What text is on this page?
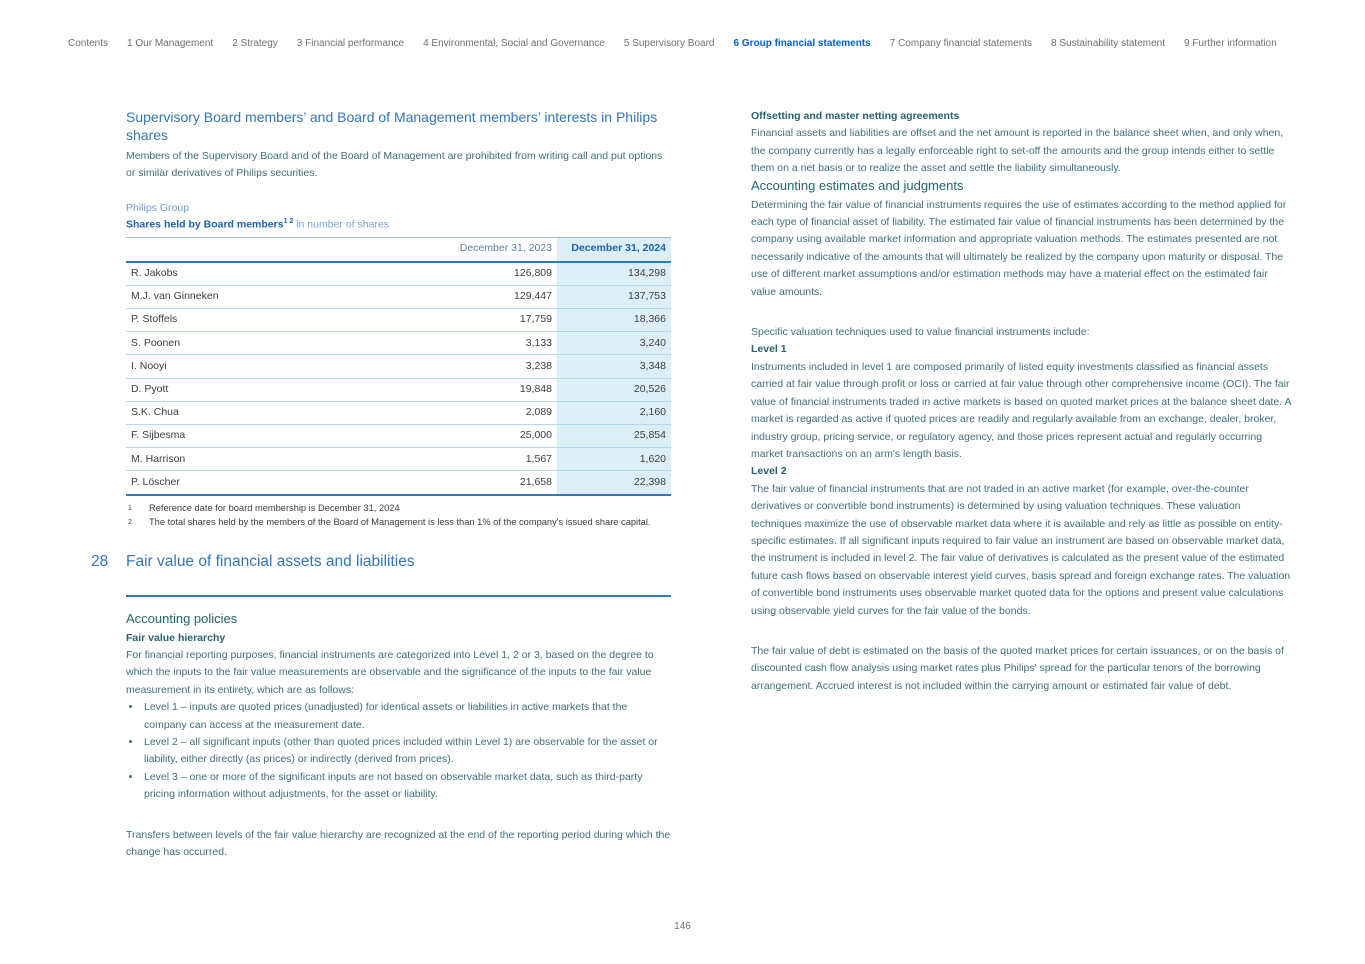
Contents 1 Our Management 2 Strategy 3 Financial performance 4 Environmental, Social and Governance 5 Supervisory Board 6 Group financial statements 7 Company financial statements 8 Sustainability statement 9 Further information
Supervisory Board members’ and Board of Management members’ interests in Philips shares

Members of the Supervisory Board and of the Board of Management are prohibited from writing call and put options or similar derivatives of Philips securities.

Philips Group
Shares held by Board members$^{1 2}$ in number of shares
	December 31, 2023	December 31, 2024
R. Jakobs	126,809	134,298
M.J. van Ginneken	129,447	137,753
P. Stoffels	17,759	18,366
S. Poonen	3,133	3,240
I. Nooyi	3,238	3,348
D. Pyott	19,848	20,526
S.K. Chua	2,089	2,160
F. Sijbesma	25,000	25,854
M. Harrison	1,567	1,620
P. Löscher	21,658	22,398
1 Reference date for board membership is December 31, 2024
2 The total shares held by the members of the Board of Management is less than 1% of the company's issued share capital.
28 Fair value of financial assets and liabilities
Accounting policies

Fair value hierarchy

For financial reporting purposes, financial instruments are categorized into Level 1, 2 or 3, based on the degree to which the inputs to the fair value measurements are observable and the significance of the inputs to the fair value measurement in its entirety, which are as follows:

• Level 1 – inputs are quoted prices (unadjusted) for identical assets or liabilities in active markets that the company can access at the measurement date.
• Level 2 – all significant inputs (other than quoted prices included within Level 1) are observable for the asset or liability, either directly (as prices) or indirectly (derived from prices).
• Level 3 – one or more of the significant inputs are not based on observable market data, such as third-party pricing information without adjustments, for the asset or liability.

Transfers between levels of the fair value hierarchy are recognized at the end of the reporting period during which the change has occurred.

Offsetting and master netting agreements

Financial assets and liabilities are offset and the net amount is reported in the balance sheet when, and only when, the company currently has a legally enforceable right to set-off the amounts and the group intends either to settle them on a net basis or to realize the asset and settle the liability simultaneously.

Accounting estimates and judgments

Determining the fair value of financial instruments requires the use of estimates according to the method applied for each type of financial asset of liability. The estimated fair value of financial instruments has been determined by the company using available market information and appropriate valuation methods. The estimates presented are not necessarily indicative of the amounts that will ultimately be realized by the company upon maturity or disposal. The use of different market assumptions and/or estimation methods may have a material effect on the estimated fair value amounts.

Specific valuation techniques used to value financial instruments include:

Level 1

Instruments included in level 1 are composed primarily of listed equity investments classified as financial assets carried at fair value through profit or loss or carried at fair value through other comprehensive income (OCI). The fair value of financial instruments traded in active markets is based on quoted market prices at the balance sheet date. A market is regarded as active if quoted prices are readily and regularly available from an exchange, dealer, broker, industry group, pricing service, or regulatory agency, and those prices represent actual and regularly occurring market transactions on an arm's length basis.

Level 2

The fair value of financial instruments that are not traded in an active market (for example, over-the-counter derivatives or convertible bond instruments) is determined by using valuation techniques. These valuation techniques maximize the use of observable market data where it is available and rely as little as possible on entity-specific estimates. If all significant inputs required to fair value an instrument are based on observable market data, the instrument is included in level 2. The fair value of derivatives is calculated as the present value of the estimated future cash flows based on observable interest yield curves, basis spread and foreign exchange rates. The valuation of convertible bond instruments uses observable market quoted data for the options and present value calculations using observable yield curves for the fair value of the bonds.

The fair value of debt is estimated on the basis of the quoted market prices for certain issuances, or on the basis of discounted cash flow analysis using market rates plus Philips' spread for the particular tenors of the borrowing arrangement. Accrued interest is not included within the carrying amount or estimated fair value of debt.

146
